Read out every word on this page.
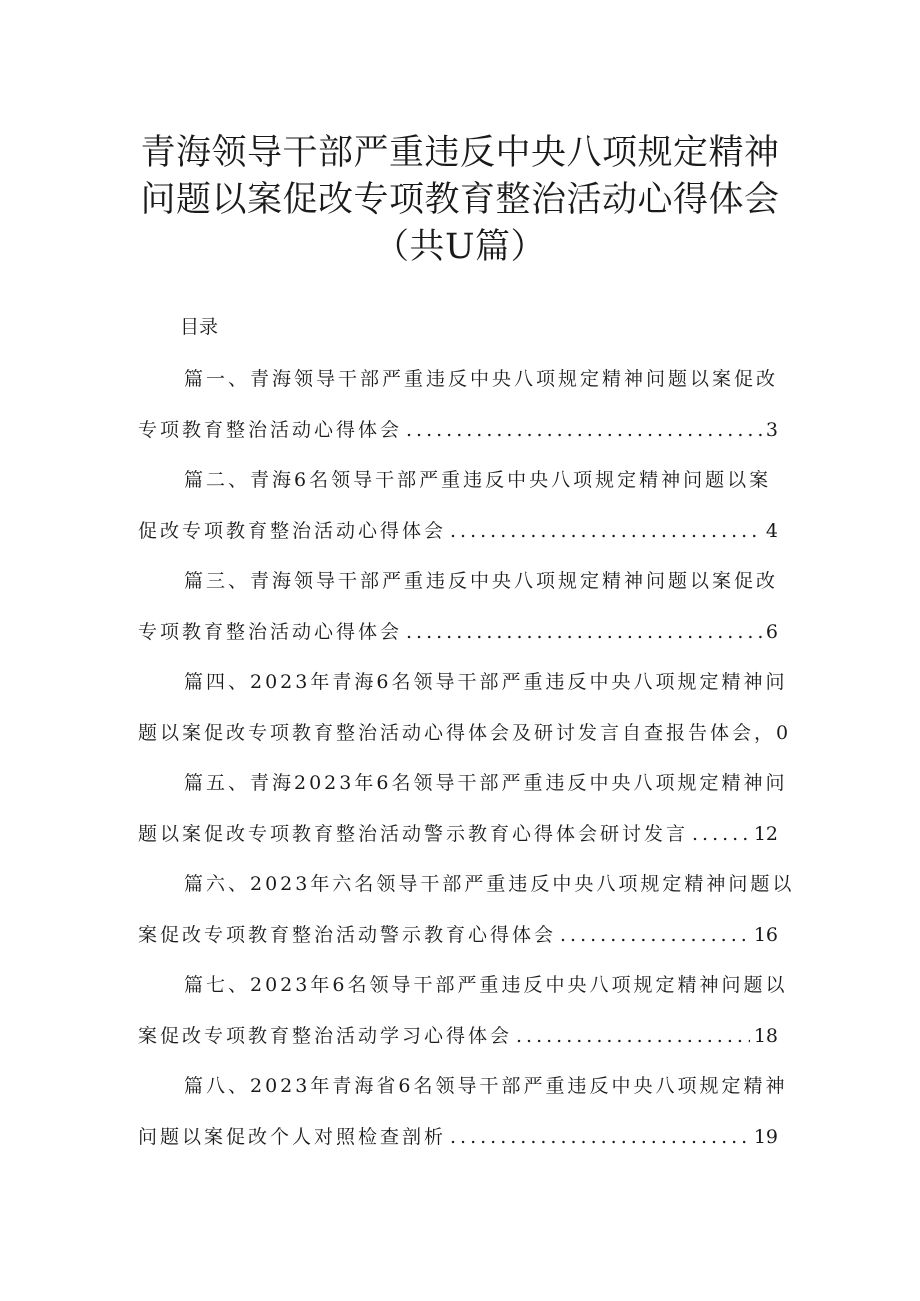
青海领导干部严重违反中央八项规定精神
问题以案促改专项教育整治活动心得体会
（共U篇）
目录
篇一、青海领导干部严重违反中央八项规定精神问题以案促改
专项教育整治活动心得体会 .....	3
篇二、青海6名领导干部严重违反中央八项规定精神问题以案
促改专项教育整治活动心得体会 .....	4
篇三、青海领导干部严重违反中央八项规定精神问题以案促改
专项教育整治活动心得体会 .....	6
篇四、2023年青海6名领导干部严重违反中央八项规定精神问
题以案促改专项教育整治活动心得体会及研讨发言自查报告体会， 0
篇五、青海2023年6名领导干部严重违反中央八项规定精神问
题以案促改专项教育整治活动警示教育心得体会研讨发言 .....	12
篇六、2023年六名领导干部严重违反中央八项规定精神问题以
案促改专项教育整治活动警示教育心得体会 .....	16
篇七、2023年6名领导干部严重违反中央八项规定精神问题以
案促改专项教育整治活动学习心得体会 .....	18
篇八、2023年青海省6名领导干部严重违反中央八项规定精神
问题以案促改个人对照检查剖析 .....	19
